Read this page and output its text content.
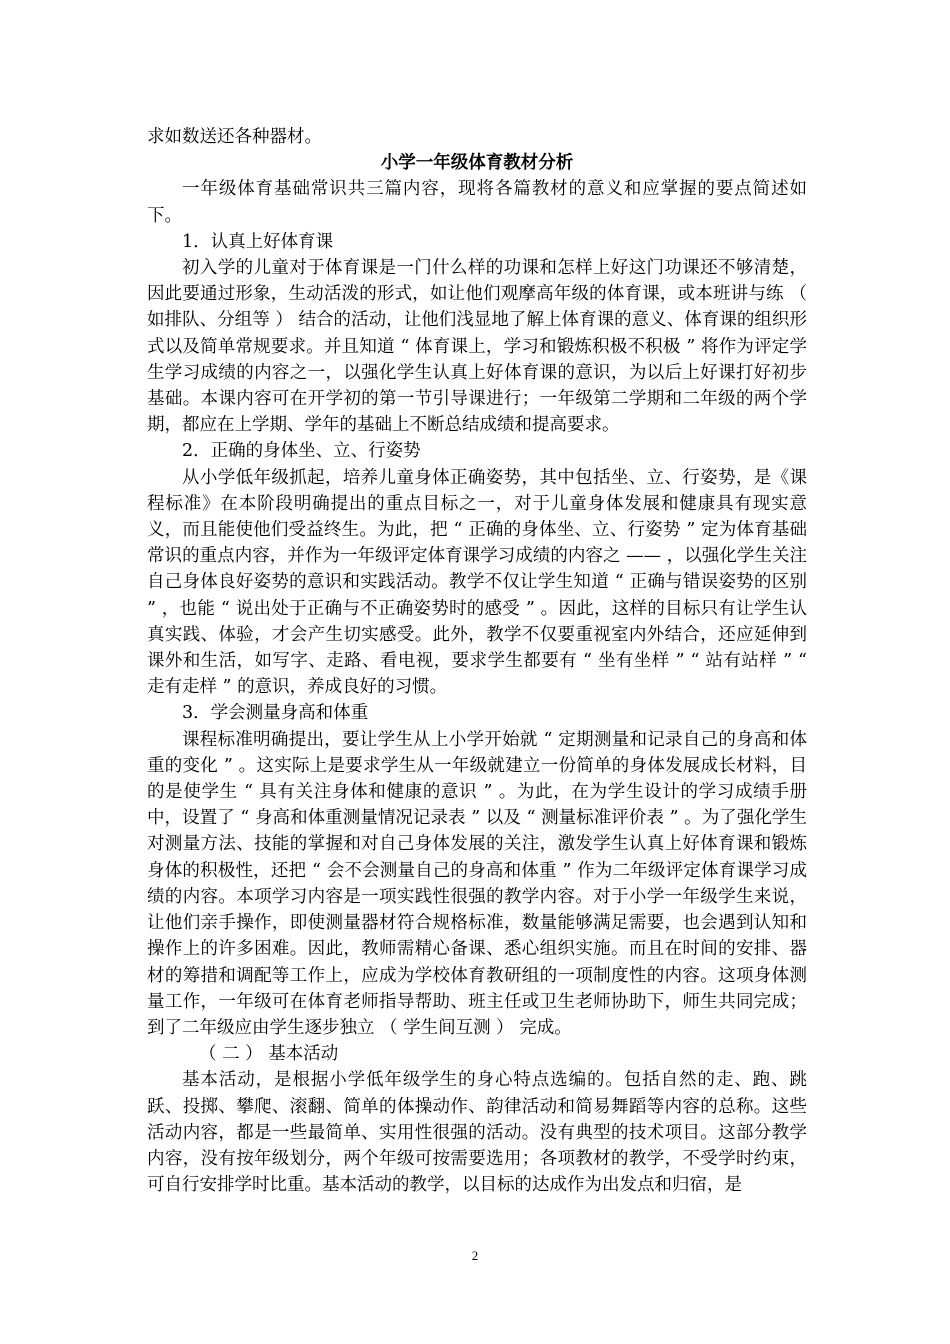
求如数送还各种器材。

小学一年级体育教材分析

一年级体育基础常识共三篇内容，现将各篇教材的意义和应掌握的要点简述如下。

1．认真上好体育课

初入学的儿童对于体育课是一门什么样的功课和怎样上好这门功课还不够清楚，因此要通过形象，生动活泼的形式，如让他们观摩高年级的体育课，或本班讲与练 （ 如排队、分组等 ） 结合的活动，让他们浅显地了解上体育课的意义、体育课的组织形式以及简单常规要求。并且知道 “ 体育课上，学习和锻炼积极不积极 ” 将作为评定学生学习成绩的内容之一，以强化学生认真上好体育课的意识，为以后上好课打好初步基础。本课内容可在开学初的第一节引导课进行；一年级第二学期和二年级的两个学期，都应在上学期、学年的基础上不断总结成绩和提高要求。

2．正确的身体坐、立、行姿势

从小学低年级抓起，培养儿童身体正确姿势，其中包括坐、立、行姿势，是《课程标准》在本阶段明确提出的重点目标之一，对于儿童身体发展和健康具有现实意义，而且能使他们受益终生。为此，把 “ 正确的身体坐、立、行姿势 ” 定为体育基础常识的重点内容，并作为一年级评定体育课学习成绩的内容之 —— ，以强化学生关注自己身体良好姿势的意识和实践活动。教学不仅让学生知道 “ 正确与错误姿势的区别 ” ，也能 “ 说出处于正确与不正确姿势时的感受 ” 。因此，这样的目标只有让学生认真实践、体验，才会产生切实感受。此外，教学不仅要重视室内外结合，还应延伸到课外和生活，如写字、走路、看电视，要求学生都要有 “ 坐有坐样 ” “ 站有站样 ” “ 走有走样 ” 的意识，养成良好的习惯。

3．学会测量身高和体重

课程标准明确提出，要让学生从上小学开始就 “ 定期测量和记录自己的身高和体重的变化 ” 。这实际上是要求学生从一年级就建立一份简单的身体发展成长材料，目的是使学生 “ 具有关注身体和健康的意识 ” 。为此，在为学生设计的学习成绩手册中，设置了 “ 身高和体重测量情况记录表 ” 以及 “ 测量标准评价表 ” 。为了强化学生对测量方法、技能的掌握和对自己身体发展的关注，激发学生认真上好体育课和锻炼身体的积极性，还把 “ 会不会测量自己的身高和体重 ” 作为二年级评定体育课学习成绩的内容。本项学习内容是一项实践性很强的教学内容。对于小学一年级学生来说，让他们亲手操作，即使测量器材符合规格标准，数量能够满足需要，也会遇到认知和操作上的许多困难。因此，教师需精心备课、悉心组织实施。而且在时间的安排、器材的筹措和调配等工作上，应成为学校体育教研组的一项制度性的内容。这项身体测量工作，一年级可在体育老师指导帮助、班主任或卫生老师协助下，师生共同完成；到了二年级应由学生逐步独立 （ 学生间互测 ） 完成。

（ 二 ） 基本活动

基本活动，是根据小学低年级学生的身心特点选编的。包括自然的走、跑、跳跃、投掷、攀爬、滚翻、简单的体操动作、韵律活动和简易舞蹈等内容的总称。这些活动内容，都是一些最简单、实用性很强的活动。没有典型的技术项目。这部分教学内容，没有按年级划分，两个年级可按需要选用；各项教材的教学，不受学时约束，可自行安排学时比重。基本活动的教学，以目标的达成作为出发点和归宿，是

2
